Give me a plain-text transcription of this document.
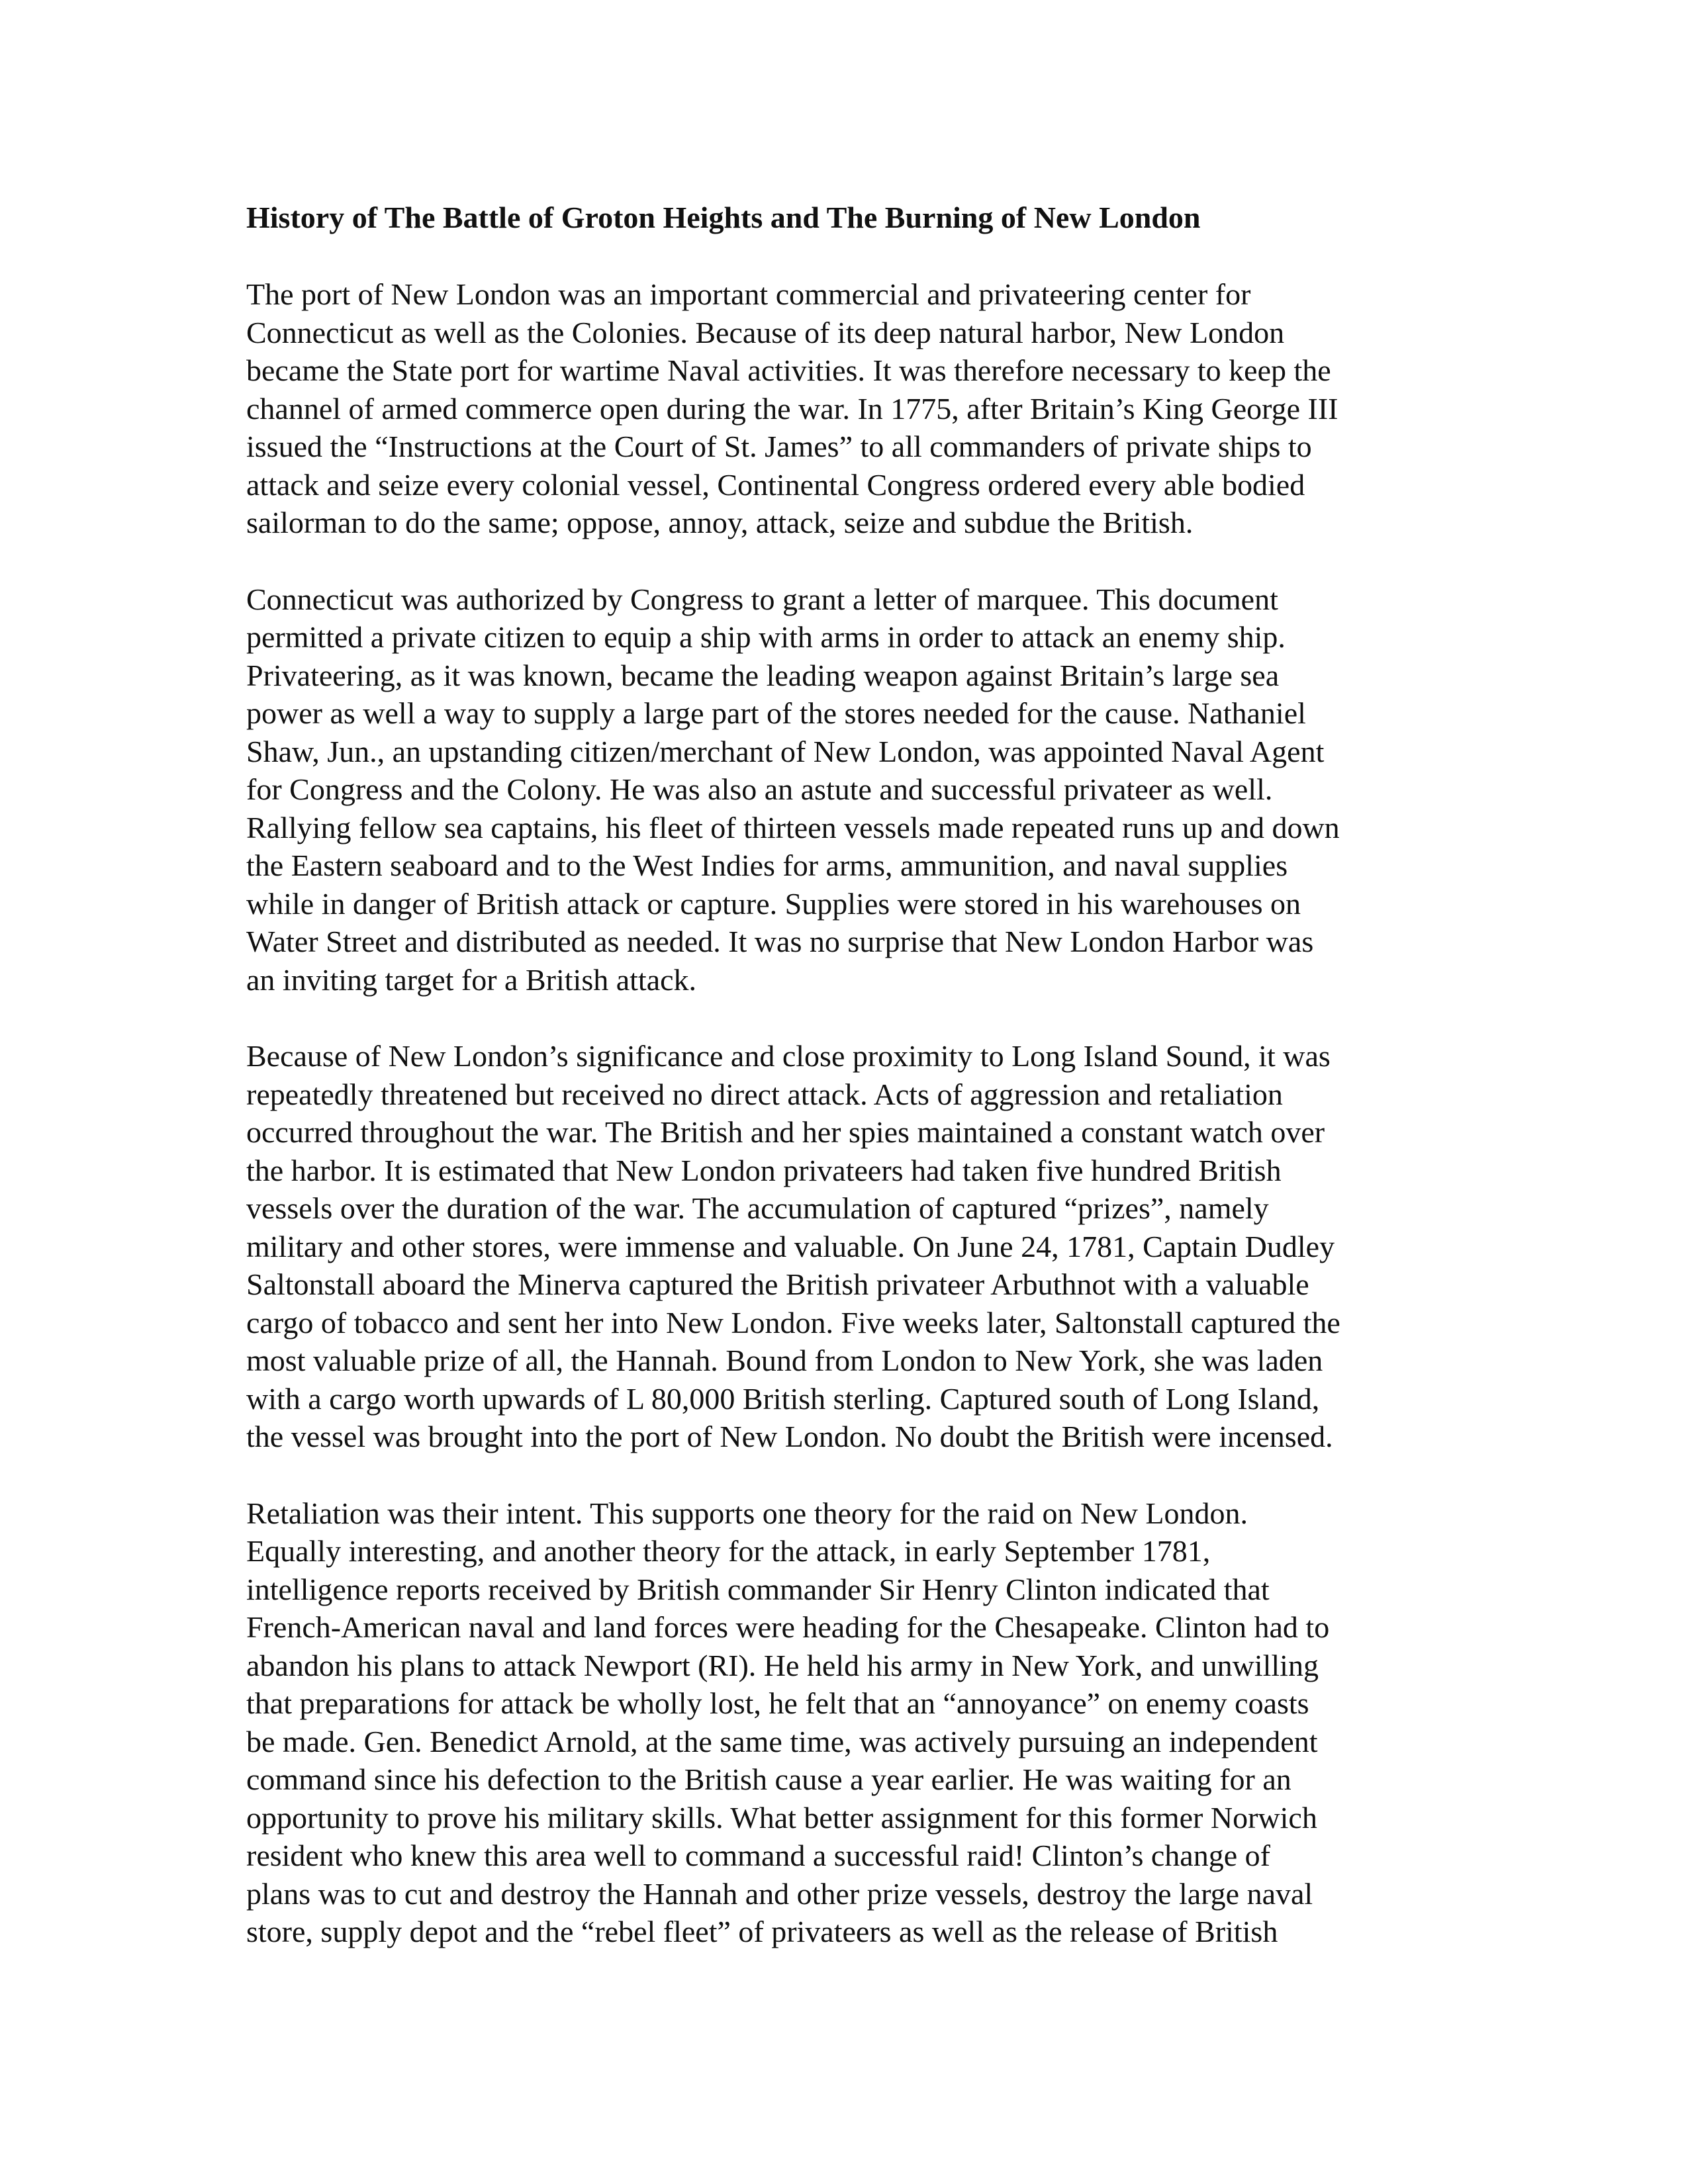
History of The Battle of Groton Heights and The Burning of New London
The port of New London was an important commercial and privateering center for
Connecticut as well as the Colonies. Because of its deep natural harbor, New London
became the State port for wartime Naval activities. It was therefore necessary to keep the
channel of armed commerce open during the war. In 1775, after Britain’s King George III
issued the “Instructions at the Court of St. James” to all commanders of private ships to
attack and seize every colonial vessel, Continental Congress ordered every able bodied
sailorman to do the same; oppose, annoy, attack, seize and subdue the British.
Connecticut was authorized by Congress to grant a letter of marquee. This document
permitted a private citizen to equip a ship with arms in order to attack an enemy ship.
Privateering, as it was known, became the leading weapon against Britain’s large sea
power as well a way to supply a large part of the stores needed for the cause. Nathaniel
Shaw, Jun., an upstanding citizen/merchant of New London, was appointed Naval Agent
for Congress and the Colony. He was also an astute and successful privateer as well.
Rallying fellow sea captains, his fleet of thirteen vessels made repeated runs up and down
the Eastern seaboard and to the West Indies for arms, ammunition, and naval supplies
while in danger of British attack or capture. Supplies were stored in his warehouses on
Water Street and distributed as needed. It was no surprise that New London Harbor was
an inviting target for a British attack.
Because of New London’s significance and close proximity to Long Island Sound, it was
repeatedly threatened but received no direct attack. Acts of aggression and retaliation
occurred throughout the war. The British and her spies maintained a constant watch over
the harbor. It is estimated that New London privateers had taken five hundred British
vessels over the duration of the war. The accumulation of captured “prizes”, namely
military and other stores, were immense and valuable. On June 24, 1781, Captain Dudley
Saltonstall aboard the Minerva captured the British privateer Arbuthnot with a valuable
cargo of tobacco and sent her into New London. Five weeks later, Saltonstall captured the
most valuable prize of all, the Hannah. Bound from London to New York, she was laden
with a cargo worth upwards of L 80,000 British sterling. Captured south of Long Island,
the vessel was brought into the port of New London. No doubt the British were incensed.
Retaliation was their intent. This supports one theory for the raid on New London.
Equally interesting, and another theory for the attack, in early September 1781,
intelligence reports received by British commander Sir Henry Clinton indicated that
French-American naval and land forces were heading for the Chesapeake. Clinton had to
abandon his plans to attack Newport (RI). He held his army in New York, and unwilling
that preparations for attack be wholly lost, he felt that an “annoyance” on enemy coasts
be made. Gen. Benedict Arnold, at the same time, was actively pursuing an independent
command since his defection to the British cause a year earlier. He was waiting for an
opportunity to prove his military skills. What better assignment for this former Norwich
resident who knew this area well to command a successful raid! Clinton’s change of
plans was to cut and destroy the Hannah and other prize vessels, destroy the large naval
store, supply depot and the “rebel fleet” of privateers as well as the release of British
